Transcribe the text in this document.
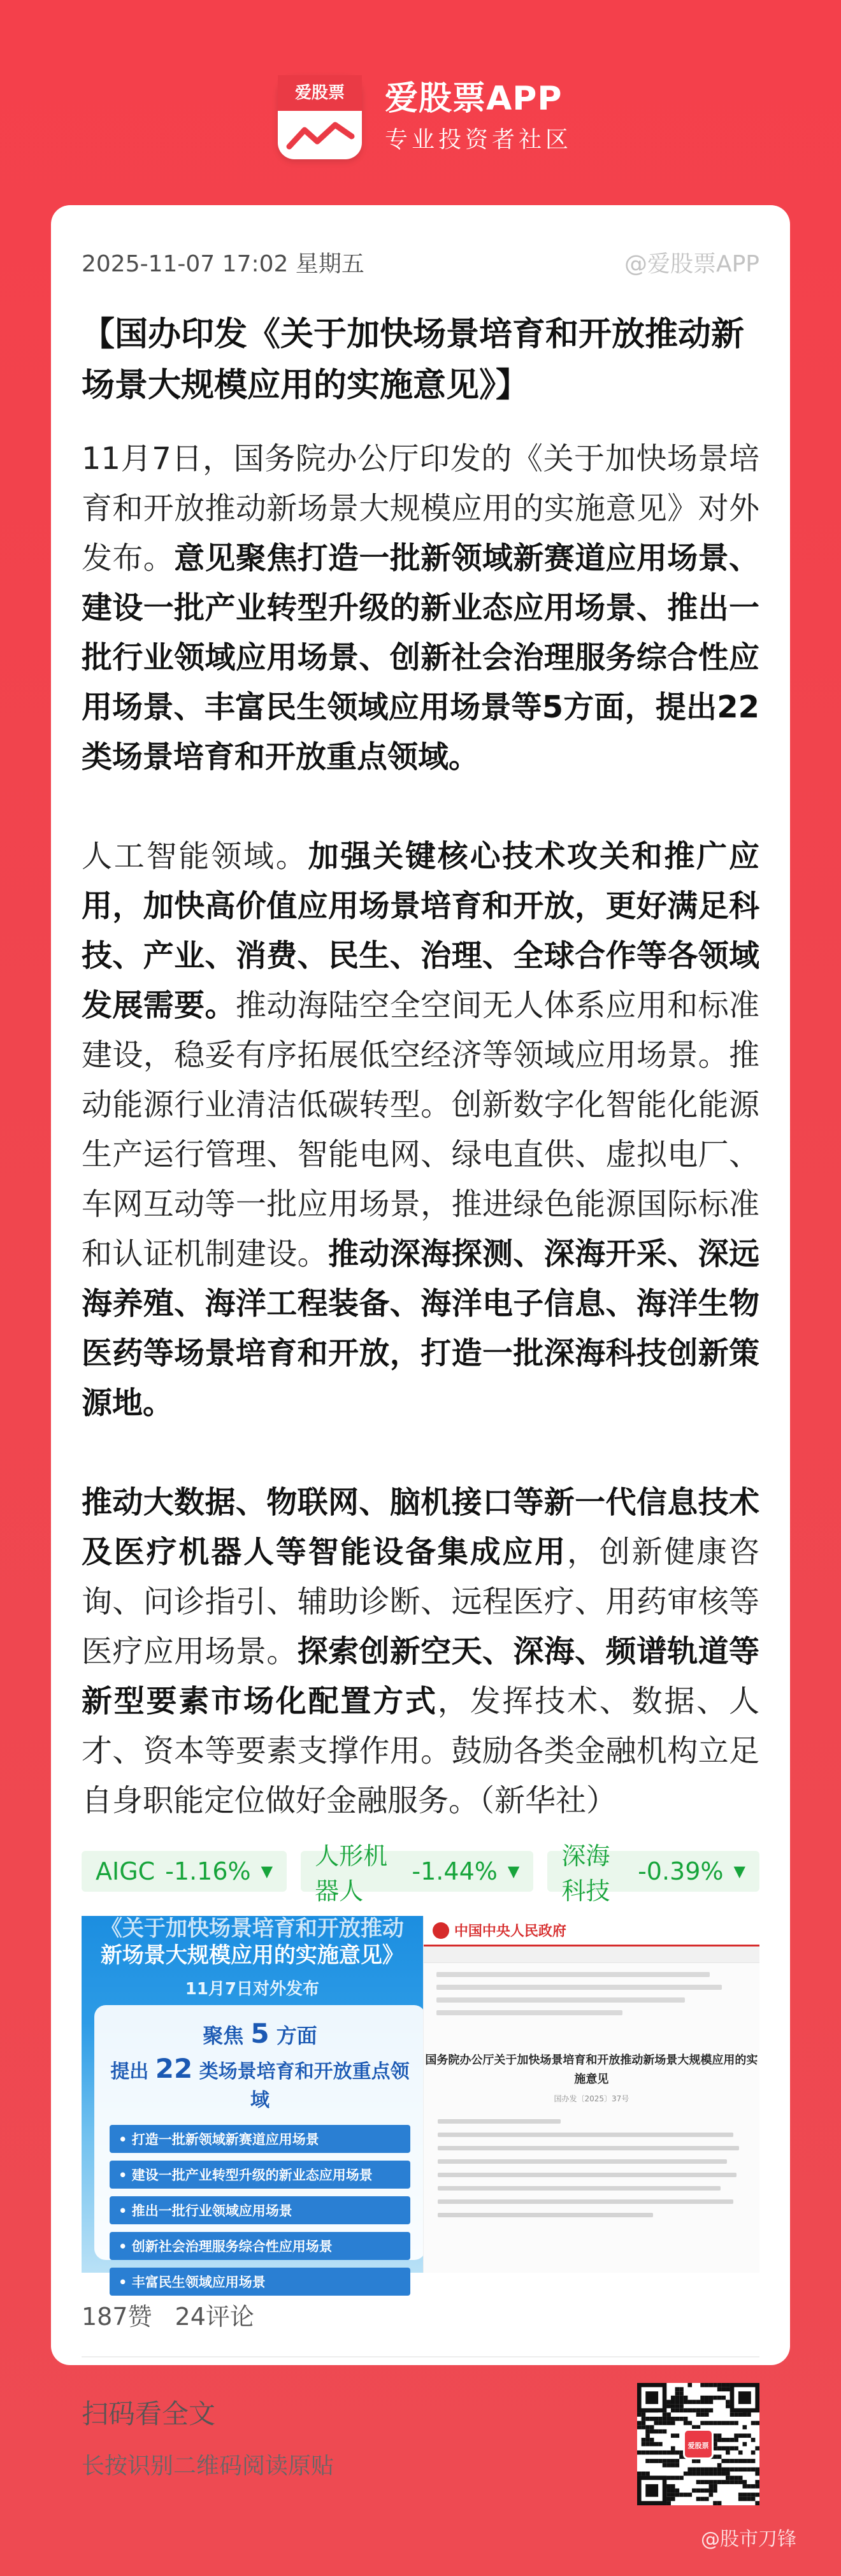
爱股票	爱股票APP
专业投资者社区
2025-11-07 17:02 星期五	@爱股票APP
【国办印发《关于加快场景培育和开放推动新场景大规模应用的实施意见》】

11月7日，国务院办公厅印发的《关于加快场景培育和开放推动新场景大规模应用的实施意见》对外发布。意见聚焦打造一批新领域新赛道应用场景、建设一批产业转型升级的新业态应用场景、推出一批行业领域应用场景、创新社会治理服务综合性应用场景、丰富民生领域应用场景等5方面，提出22类场景培育和开放重点领域。

人工智能领域。加强关键核心技术攻关和推广应用，加快高价值应用场景培育和开放，更好满足科技、产业、消费、民生、治理、全球合作等各领域发展需要。推动海陆空全空间无人体系应用和标准建设，稳妥有序拓展低空经济等领域应用场景。推动能源行业清洁低碳转型。创新数字化智能化能源生产运行管理、智能电网、绿电直供、虚拟电厂、车网互动等一批应用场景，推进绿色能源国际标准和认证机制建设。推动深海探测、深海开采、深远海养殖、海洋工程装备、海洋电子信息、海洋生物医药等场景培育和开放，打造一批深海科技创新策源地。

推动大数据、物联网、脑机接口等新一代信息技术及医疗机器人等智能设备集成应用，创新健康咨询、问诊指引、辅助诊断、远程医疗、用药审核等医疗应用场景。探索创新空天、深海、频谱轨道等新型要素市场化配置方式，发挥技术、数据、人才、资本等要素支撑作用。鼓励各类金融机构立足自身职能定位做好金融服务。（新华社）

AIGC -1.16% ▼
人形机器人
-1.44% ▼
深海科技
-0.39% ▼
《关于加快场景培育和开放推动
新场景大规模应用的实施意见》
11月7日对外发布
聚焦 5 方面
提出 22 类场景培育和开放重点领域
• 打造一批新领域新赛道应用场景
• 建设一批产业转型升级的新业态应用场景
• 推出一批行业领域应用场景
• 创新社会治理服务综合性应用场景
• 丰富民生领域应用场景
中国中央人民政府
国务院办公厅关于加快场景培育和开放推动新场景大规模应用的实施意见
国办发〔2025〕37号
187赞 24评论
扫码看全文
长按识别二维码阅读原贴
爱股票
@股市刀锋
